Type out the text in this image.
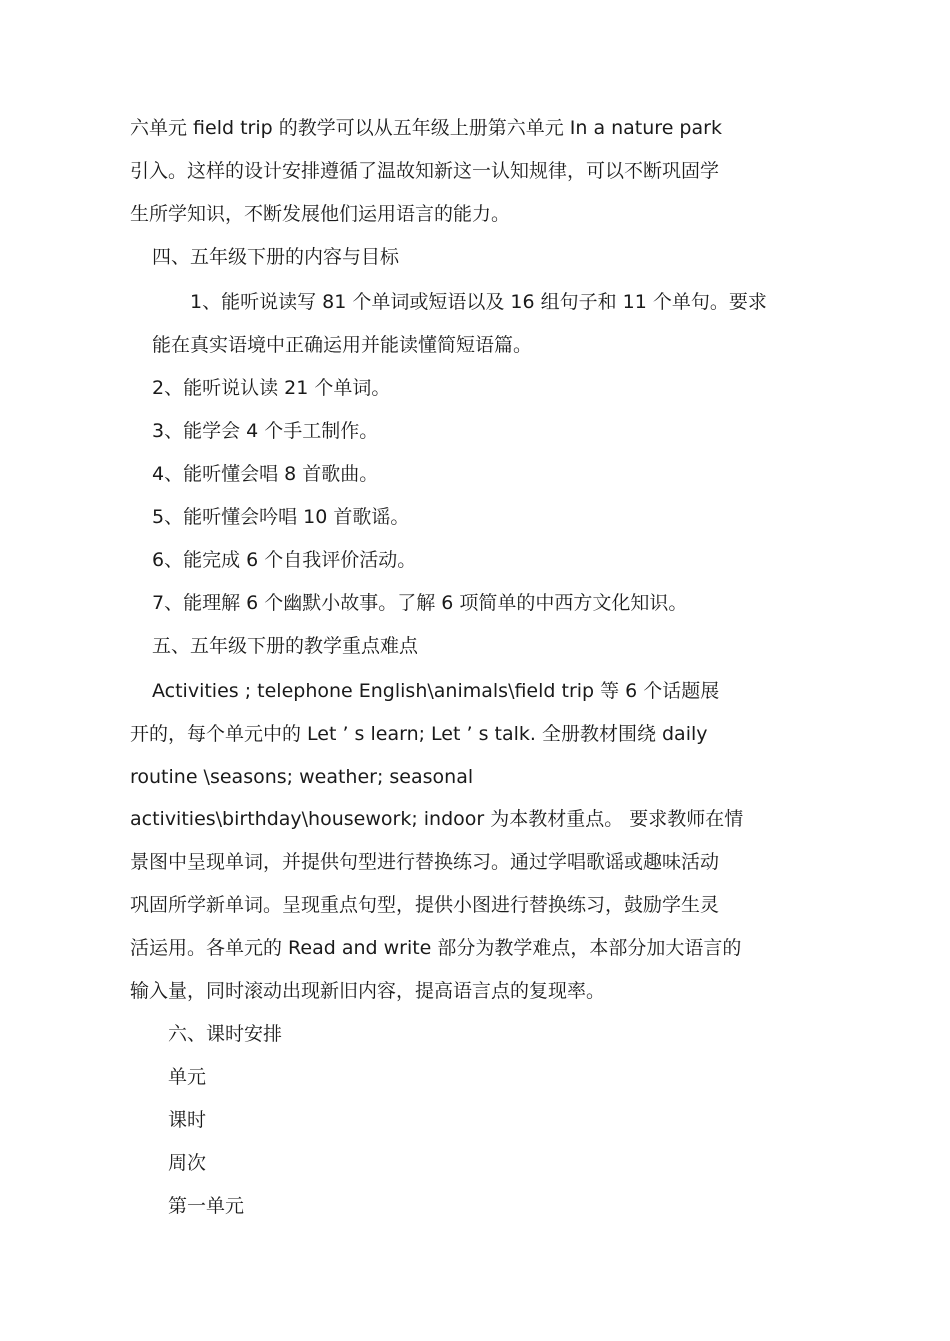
六单元 field trip 的教学可以从五年级上册第六单元 In a nature park
引入。这样的设计安排遵循了温故知新这一认知规律，可以不断巩固学
生所学知识，不断发展他们运用语言的能力。
四、五年级下册的内容与目标
1、能听说读写 81 个单词或短语以及 16 组句子和 11 个单句。要求
能在真实语境中正确运用并能读懂简短语篇。
2、能听说认读 21 个单词。
3、能学会 4 个手工制作。
4、能听懂会唱 8 首歌曲。
5、能听懂会吟唱 10 首歌谣。
6、能完成 6 个自我评价活动。
7、能理解 6 个幽默小故事。了解 6 项简单的中西方文化知识。
五、五年级下册的教学重点难点
Activities ; telephone English\animals\field trip 等 6 个话题展
开的，每个单元中的 Let ’ s learn; Let ’ s talk. 全册教材围绕 daily
routine \seasons; weather; seasonal
activities\birthday\housework; indoor 为本教材重点。 要求教师在情
景图中呈现单词，并提供句型进行替换练习。通过学唱歌谣或趣味活动
巩固所学新单词。呈现重点句型，提供小图进行替换练习，鼓励学生灵
活运用。各单元的 Read and write 部分为教学难点，本部分加大语言的
输入量，同时滚动出现新旧内容，提高语言点的复现率。
六、课时安排
单元
课时
周次
第一单元
